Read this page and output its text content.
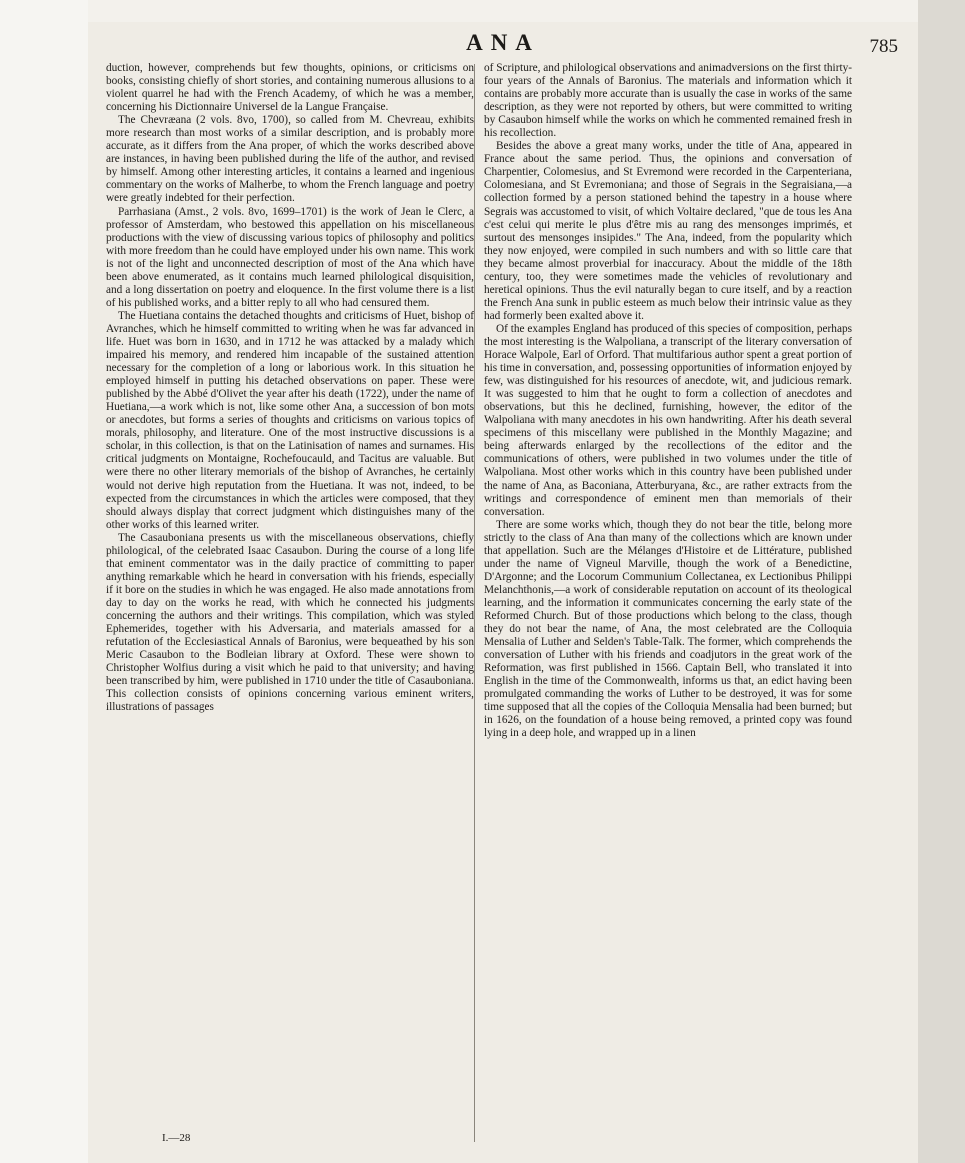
ANA	785

duction, however, comprehends but few thoughts, opinions, or criticisms on books, consisting chiefly of short stories, and containing numerous allusions to a violent quarrel he had with the French Academy, of which he was a member, concerning his Dictionnaire Universel de la Langue Française.

The Chevræana (2 vols. 8vo, 1700), so called from M. Chevreau, exhibits more research than most works of a similar description, and is probably more accurate, as it differs from the Ana proper, of which the works described above are instances, in having been published during the life of the author, and revised by himself. Among other interesting articles, it contains a learned and ingenious commentary on the works of Malherbe, to whom the French language and poetry were greatly indebted for their perfection.

Parrhasiana (Amst., 2 vols. 8vo, 1699–1701) is the work of Jean le Clerc, a professor of Amsterdam, who bestowed this appellation on his miscellaneous productions with the view of discussing various topics of philosophy and politics with more freedom than he could have employed under his own name. This work is not of the light and unconnected description of most of the Ana which have been above enumerated, as it contains much learned philological disquisition, and a long dissertation on poetry and eloquence. In the first volume there is a list of his published works, and a bitter reply to all who had censured them.

The Huetiana contains the detached thoughts and criticisms of Huet, bishop of Avranches, which he himself committed to writing when he was far advanced in life. Huet was born in 1630, and in 1712 he was attacked by a malady which impaired his memory, and rendered him incapable of the sustained attention necessary for the completion of a long or laborious work. In this situation he employed himself in putting his detached observations on paper. These were published by the Abbé d'Olivet the year after his death (1722), under the name of Huetiana,—a work which is not, like some other Ana, a succession of bon mots or anecdotes, but forms a series of thoughts and criticisms on various topics of morals, philosophy, and literature. One of the most instructive discussions is a scholar, in this collection, is that on the Latinisation of names and surnames. His critical judgments on Montaigne, Rochefoucauld, and Tacitus are valuable. But were there no other literary memorials of the bishop of Avranches, he certainly would not derive high reputation from the Huetiana. It was not, indeed, to be expected from the circumstances in which the articles were composed, that they should always display that correct judgment which distinguishes many of the other works of this learned writer.

The Casauboniana presents us with the miscellaneous observations, chiefly philological, of the celebrated Isaac Casaubon. During the course of a long life that eminent commentator was in the daily practice of committing to paper anything remarkable which he heard in conversation with his friends, especially if it bore on the studies in which he was engaged. He also made annotations from day to day on the works he read, with which he connected his judgments concerning the authors and their writings. This compilation, which was styled Ephemerides, together with his Adversaria, and materials amassed for a refutation of the Ecclesiastical Annals of Baronius, were bequeathed by his son Meric Casaubon to the Bodleian library at Oxford. These were shown to Christopher Wolfius during a visit which he paid to that university; and having been transcribed by him, were published in 1710 under the title of Casauboniana. This collection consists of opinions concerning various eminent writers, illustrations of passages

of Scripture, and philological observations and animadversions on the first thirty-four years of the Annals of Baronius. The materials and information which it contains are probably more accurate than is usually the case in works of the same description, as they were not reported by others, but were committed to writing by Casaubon himself while the works on which he commented remained fresh in his recollection.

Besides the above a great many works, under the title of Ana, appeared in France about the same period. Thus, the opinions and conversation of Charpentier, Colomesius, and St Evremond were recorded in the Carpenteriana, Colomesiana, and St Evremoniana; and those of Segrais in the Segraisiana,—a collection formed by a person stationed behind the tapestry in a house where Segrais was accustomed to visit, of which Voltaire declared, "que de tous les Ana c'est celui qui merite le plus d'être mis au rang des mensonges imprimés, et surtout des mensonges insipides." The Ana, indeed, from the popularity which they now enjoyed, were compiled in such numbers and with so little care that they became almost proverbial for inaccuracy. About the middle of the 18th century, too, they were sometimes made the vehicles of revolutionary and heretical opinions. Thus the evil naturally began to cure itself, and by a reaction the French Ana sunk in public esteem as much below their intrinsic value as they had formerly been exalted above it.

Of the examples England has produced of this species of composition, perhaps the most interesting is the Walpoliana, a transcript of the literary conversation of Horace Walpole, Earl of Orford. That multifarious author spent a great portion of his time in conversation, and, possessing opportunities of information enjoyed by few, was distinguished for his resources of anecdote, wit, and judicious remark. It was suggested to him that he ought to form a collection of anecdotes and observations, but this he declined, furnishing, however, the editor of the Walpoliana with many anecdotes in his own handwriting. After his death several specimens of this miscellany were published in the Monthly Magazine; and being afterwards enlarged by the recollections of the editor and the communications of others, were published in two volumes under the title of Walpoliana. Most other works which in this country have been published under the name of Ana, as Baconiana, Atterburyana, &c., are rather extracts from the writings and correspondence of eminent men than memorials of their conversation.

There are some works which, though they do not bear the title, belong more strictly to the class of Ana than many of the collections which are known under that appellation. Such are the Mélanges d'Histoire et de Littérature, published under the name of Vigneul Marville, though the work of a Benedictine, D'Argonne; and the Locorum Communium Collectanea, ex Lectionibus Philippi Melanchthonis,—a work of considerable reputation on account of its theological learning, and the information it communicates concerning the early state of the Reformed Church. But of those productions which belong to the class, though they do not bear the name, of Ana, the most celebrated are the Colloquia Mensalia of Luther and Selden's Table-Talk. The former, which comprehends the conversation of Luther with his friends and coadjutors in the great work of the Reformation, was first published in 1566. Captain Bell, who translated it into English in the time of the Commonwealth, informs us that, an edict having been promulgated commanding the works of Luther to be destroyed, it was for some time supposed that all the copies of the Colloquia Mensalia had been burned; but in 1626, on the foundation of a house being removed, a printed copy was found lying in a deep hole, and wrapped up in a linen

I.—28
